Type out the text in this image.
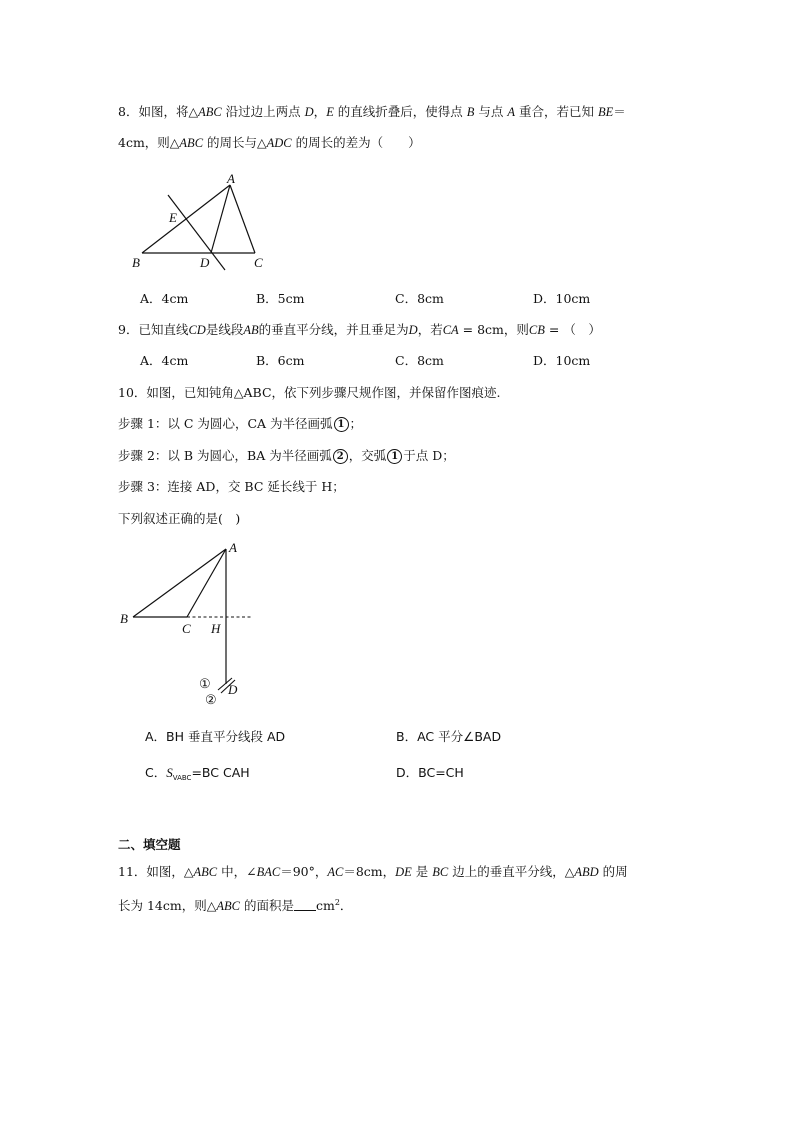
8．如图，将△ABC 沿过边上两点 D，E 的直线折叠后，使得点 B 与点 A 重合，若已知 BE＝
4cm，则△ABC 的周长与△ADC 的周长的差为（　　）
A
B	C
D
E
A．4cm	B．5cm	C．8cm	D．10cm
9．已知直线CD是线段AB的垂直平分线，并且垂足为D，若CA = 8cm，则CB = （　）
A．4cm	B．6cm	C．8cm	D．10cm
10．如图，已知钝角△ABC，依下列步骤尺规作图，并保留作图痕迹.
步骤 1：以 C 为圆心，CA 为半径画弧 1 ；
步骤 2：以 B 为圆心，BA 为半径画弧 2 ，交弧 1 于点 D；
步骤 3：连接 AD，交 BC 延长线于 H；
下列叙述正确的是(　)
A
B
C H
D
①
②
A．BH 垂直平分线段 AD	B．AC 平分∠BAD
C．$S_{VABC}=BC$ CAH	D．BC=CH
二、填空题
11．如图，△ABC 中，∠BAC＝90°，AC＝8cm，DE 是 BC 边上的垂直平分线，△ABD 的周
长为 14cm，则△ABC 的面积是 $cm^2$．
